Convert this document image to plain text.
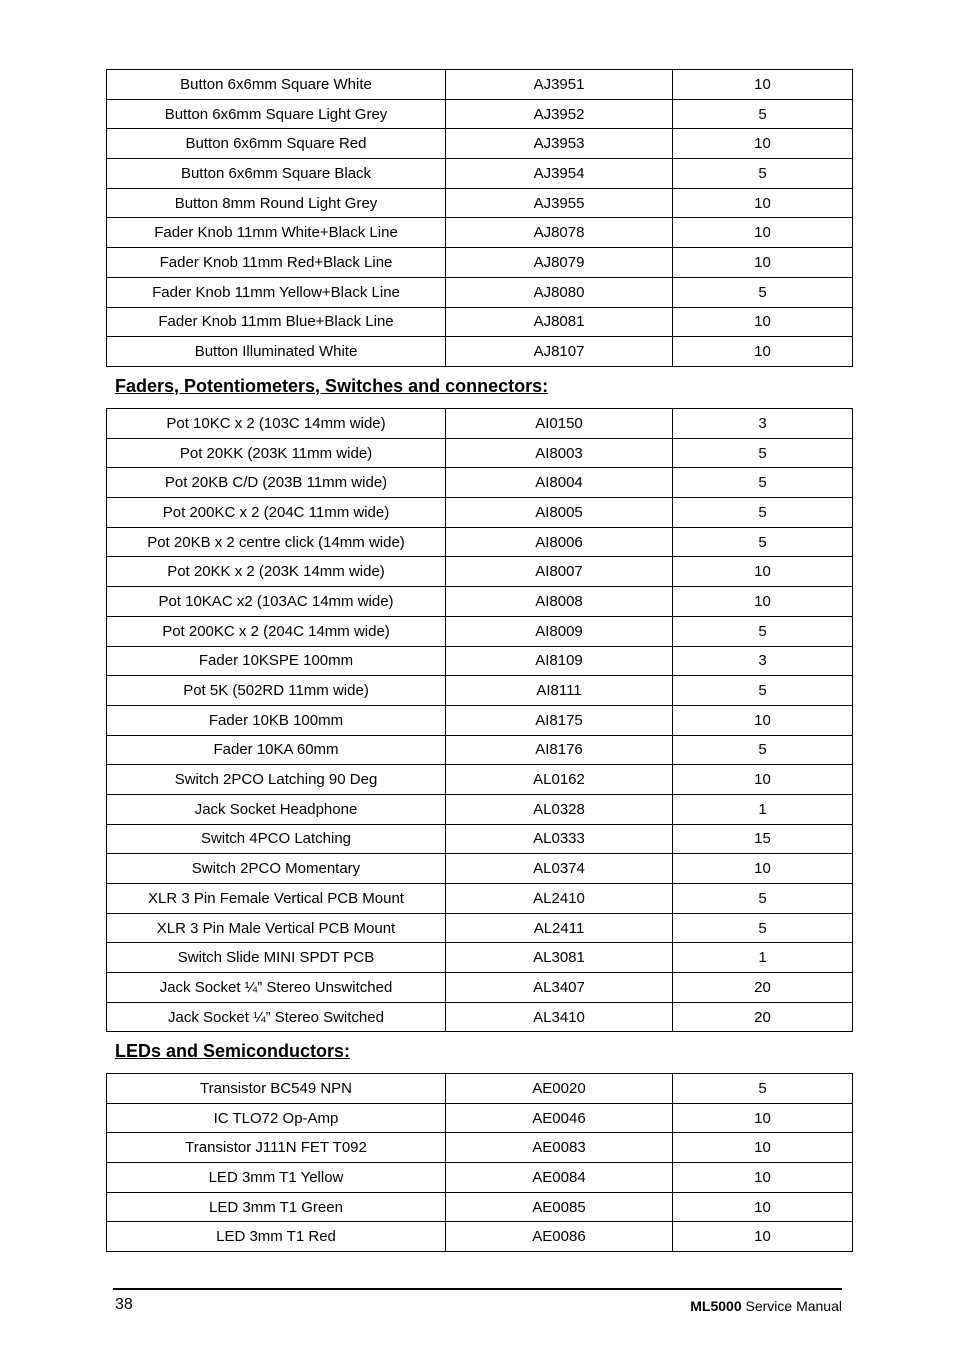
Button 6x6mm Square White	AJ3951	10
Button 6x6mm Square Light Grey	AJ3952	5
Button 6x6mm Square Red	AJ3953	10
Button 6x6mm Square Black	AJ3954	5
Button 8mm Round Light Grey	AJ3955	10
Fader Knob 11mm White+Black Line	AJ8078	10
Fader Knob 11mm Red+Black Line	AJ8079	10
Fader Knob 11mm Yellow+Black Line	AJ8080	5
Fader Knob 11mm Blue+Black Line	AJ8081	10
Button Illuminated White	AJ8107	10
Faders, Potentiometers, Switches and connectors:
Pot 10KC x 2 (103C 14mm wide)	AI0150	3
Pot 20KK (203K 11mm wide)	AI8003	5
Pot 20KB C/D (203B 11mm wide)	AI8004	5
Pot 200KC x 2 (204C 11mm wide)	AI8005	5
Pot 20KB x 2 centre click (14mm wide)	AI8006	5
Pot 20KK x 2 (203K 14mm wide)	AI8007	10
Pot 10KAC x2 (103AC 14mm wide)	AI8008	10
Pot 200KC x 2 (204C 14mm wide)	AI8009	5
Fader 10KSPE 100mm	AI8109	3
Pot 5K (502RD 11mm wide)	AI8111	5
Fader 10KB 100mm	AI8175	10
Fader 10KA 60mm	AI8176	5
Switch 2PCO Latching 90 Deg	AL0162	10
Jack Socket Headphone	AL0328	1
Switch 4PCO Latching	AL0333	15
Switch 2PCO Momentary	AL0374	10
XLR 3 Pin Female Vertical PCB Mount	AL2410	5
XLR 3 Pin Male Vertical PCB Mount	AL2411	5
Switch Slide MINI SPDT PCB	AL3081	1
Jack Socket ¼” Stereo Unswitched	AL3407	20
Jack Socket ¼” Stereo Switched	AL3410	20
LEDs and Semiconductors:
Transistor BC549 NPN	AE0020	5
IC TLO72 Op-Amp	AE0046	10
Transistor J111N FET T092	AE0083	10
LED 3mm T1 Yellow	AE0084	10
LED 3mm T1 Green	AE0085	10
LED 3mm T1 Red	AE0086	10
38	ML5000 Service Manual
